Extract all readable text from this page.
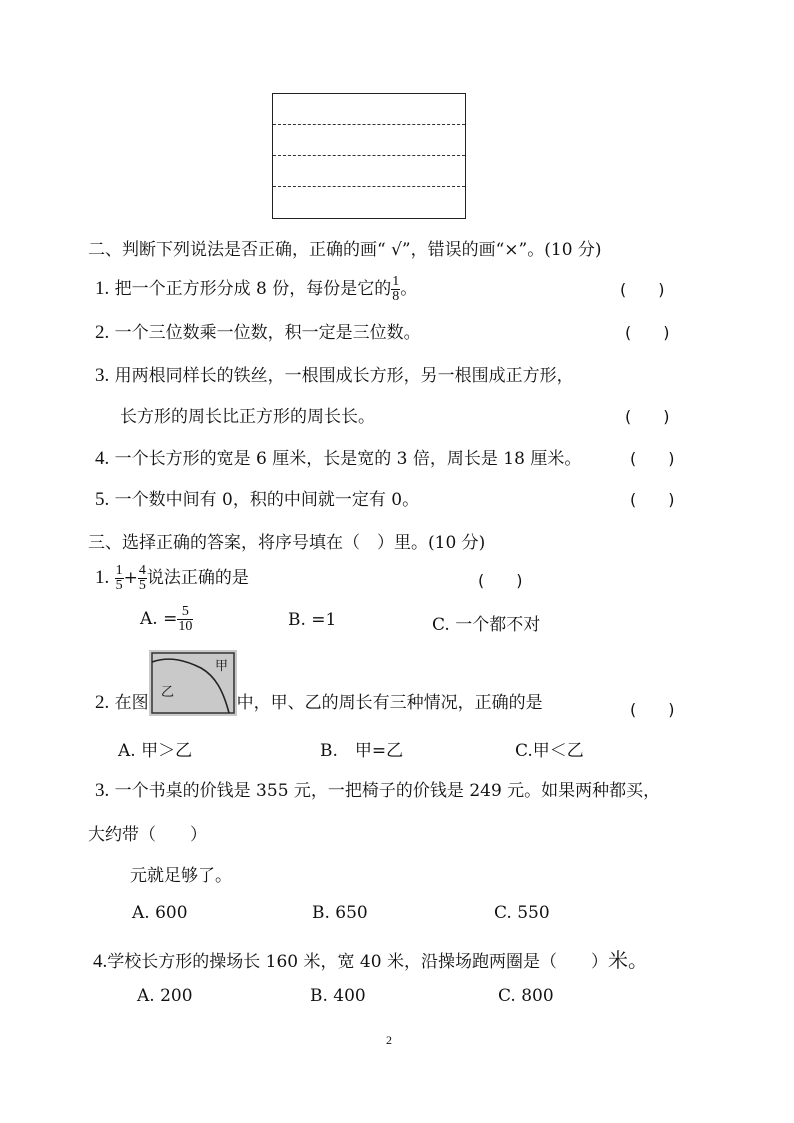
二、判断下列说法是否正确，正确的画“ √”，错误的画“×”。(10 分)
1. 把一个正方形分成 8 份，每份是它的 $\frac{1}{8}$ 。	(　　)
2. 一个三位数乘一位数，积一定是三位数。	(　　)
3. 用两根同样长的铁丝，一根围成长方形，另一根围成正方形，
长方形的周长比正方形的周长长。	(　　)
4. 一个长方形的宽是 6 厘米，长是宽的 3 倍，周长是 18 厘米。	(　　)
5. 一个数中间有 0，积的中间就一定有 0。	(　　)
三、选择正确的答案，将序号填在（　）里。(10 分)
1. $\frac{1}{5} + \frac{4}{5}$ 说法正确的是	(　　)
A. = $\frac{5}{10}$	B. =1	C. 一个都不对
2. 在图
甲
乙	中，甲、乙的周长有三种情况，正确的是	(　　)
A. 甲＞乙	B.　甲=乙	C.甲＜乙
3. 一个书桌的价钱是 355 元，一把椅子的价钱是 249 元。如果两种都买，
大约带（　　）
元就足够了。
A. 600	B. 650	C. 550
4.学校长方形的操场长 160 米，宽 40 米，沿操场跑两圈是（　　）米。
A. 200	B. 400	C. 800
2
